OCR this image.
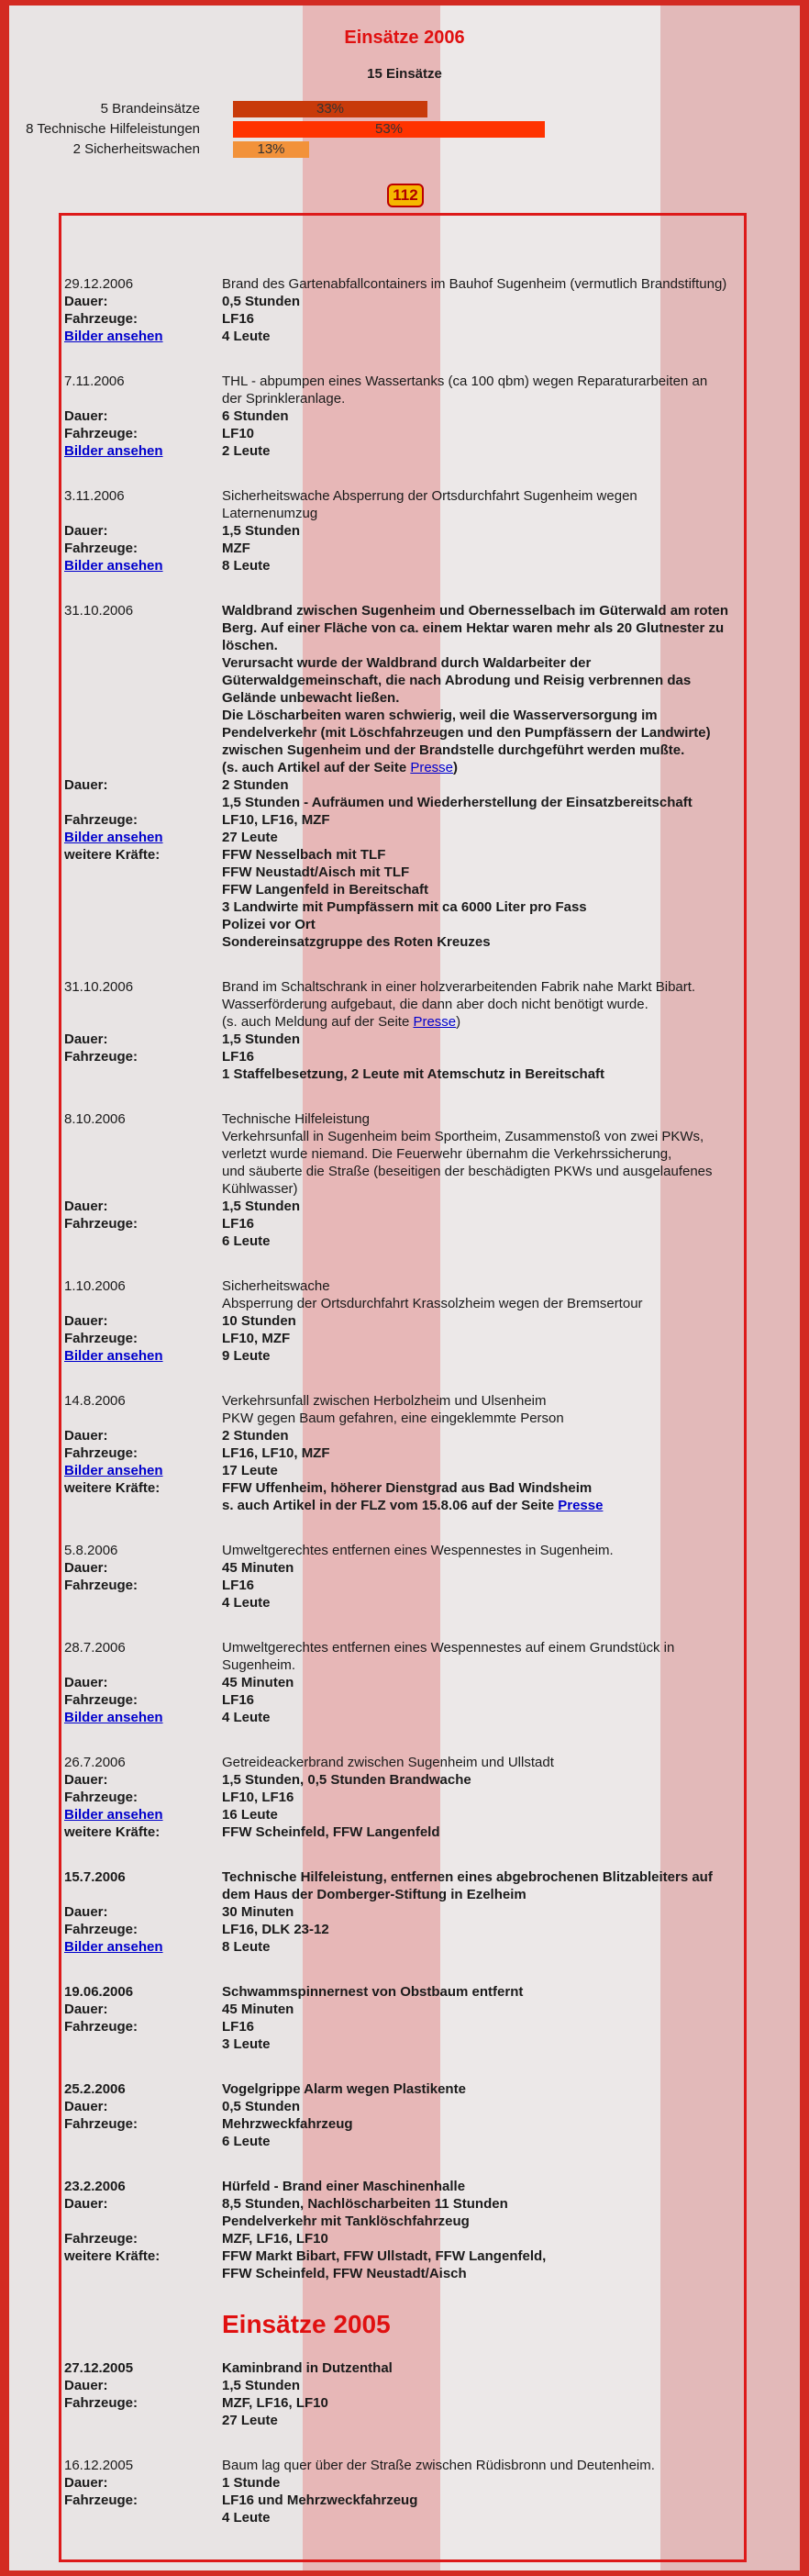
Einsätze 2006
15 Einsätze
5 Brandeinsätze	33%
8 Technische Hilfeleistungen	53%
2 Sicherheitswachen	13%
112
29.12.2006	Brand des Gartenabfallcontainers im Bauhof Sugenheim (vermutlich Brandstiftung)
Dauer:	0,5 Stunden
Fahrzeuge:	LF16
Bilder ansehen	4 Leute
7.11.2006	THL - abpumpen eines Wassertanks (ca 100 qbm) wegen Reparaturarbeiten an
der Sprinkleranlage.
Dauer:	6 Stunden
Fahrzeuge:	LF10
Bilder ansehen	2 Leute
3.11.2006	Sicherheitswache Absperrung der Ortsdurchfahrt Sugenheim wegen
Laternenumzug
Dauer:	1,5 Stunden
Fahrzeuge:	MZF
Bilder ansehen	8 Leute
31.10.2006	Waldbrand zwischen Sugenheim und Obernesselbach im Güterwald am roten
Berg. Auf einer Fläche von ca. einem Hektar waren mehr als 20 Glutnester zu
löschen.
Verursacht wurde der Waldbrand durch Waldarbeiter der
Güterwaldgemeinschaft, die nach Abrodung und Reisig verbrennen das
Gelände unbewacht ließen.
Die Löscharbeiten waren schwierig, weil die Wasserversorgung im
Pendelverkehr (mit Löschfahrzeugen und den Pumpfässern der Landwirte)
zwischen Sugenheim und der Brandstelle durchgeführt werden mußte.
(s. auch Artikel auf der Seite Presse)
Dauer:	2 Stunden
1,5 Stunden - Aufräumen und Wiederherstellung der Einsatzbereitschaft
Fahrzeuge:	LF10, LF16, MZF
Bilder ansehen	27 Leute
weitere Kräfte:	FFW Nesselbach mit TLF
FFW Neustadt/Aisch mit TLF
FFW Langenfeld in Bereitschaft
3 Landwirte mit Pumpfässern mit ca 6000 Liter pro Fass
Polizei vor Ort
Sondereinsatzgruppe des Roten Kreuzes
31.10.2006	Brand im Schaltschrank in einer holzverarbeitenden Fabrik nahe Markt Bibart.
Wasserförderung aufgebaut, die dann aber doch nicht benötigt wurde.
(s. auch Meldung auf der Seite Presse)
Dauer:	1,5 Stunden
Fahrzeuge:	LF16
1 Staffelbesetzung, 2 Leute mit Atemschutz in Bereitschaft
8.10.2006	Technische Hilfeleistung
Verkehrsunfall in Sugenheim beim Sportheim, Zusammenstoß von zwei PKWs,
verletzt wurde niemand. Die Feuerwehr übernahm die Verkehrssicherung,
und säuberte die Straße (beseitigen der beschädigten PKWs und ausgelaufenes
Kühlwasser)
Dauer:	1,5 Stunden
Fahrzeuge:	LF16
6 Leute
1.10.2006	Sicherheitswache
Absperrung der Ortsdurchfahrt Krassolzheim wegen der Bremsertour
Dauer:	10 Stunden
Fahrzeuge:	LF10, MZF
Bilder ansehen	9 Leute
14.8.2006	Verkehrsunfall zwischen Herbolzheim und Ulsenheim
PKW gegen Baum gefahren, eine eingeklemmte Person
Dauer:	2 Stunden
Fahrzeuge:	LF16, LF10, MZF
Bilder ansehen	17 Leute
weitere Kräfte:	FFW Uffenheim, höherer Dienstgrad aus Bad Windsheim
s. auch Artikel in der FLZ vom 15.8.06 auf der Seite Presse
5.8.2006	Umweltgerechtes entfernen eines Wespennestes in Sugenheim.
Dauer:	45 Minuten
Fahrzeuge:	LF16
4 Leute
28.7.2006	Umweltgerechtes entfernen eines Wespennestes auf einem Grundstück in
Sugenheim.
Dauer:	45 Minuten
Fahrzeuge:	LF16
Bilder ansehen	4 Leute
26.7.2006	Getreideackerbrand zwischen Sugenheim und Ullstadt
Dauer:	1,5 Stunden, 0,5 Stunden Brandwache
Fahrzeuge:	LF10, LF16
Bilder ansehen	16 Leute
weitere Kräfte:	FFW Scheinfeld, FFW Langenfeld
15.7.2006	Technische Hilfeleistung, entfernen eines abgebrochenen Blitzableiters auf
dem Haus der Domberger-Stiftung in Ezelheim
Dauer:	30 Minuten
Fahrzeuge:	LF16, DLK 23-12
Bilder ansehen	8 Leute
19.06.2006	Schwammspinnernest von Obstbaum entfernt
Dauer:	45 Minuten
Fahrzeuge:	LF16
3 Leute
25.2.2006	Vogelgrippe Alarm wegen Plastikente
Dauer:	0,5 Stunden
Fahrzeuge:	Mehrzweckfahrzeug
6 Leute
23.2.2006	Hürfeld - Brand einer Maschinenhalle
Dauer:	8,5 Stunden, Nachlöscharbeiten 11 Stunden
Pendelverkehr mit Tanklöschfahrzeug
Fahrzeuge:	MZF, LF16, LF10
weitere Kräfte:	FFW Markt Bibart, FFW Ullstadt, FFW Langenfeld,
FFW Scheinfeld, FFW Neustadt/Aisch
Einsätze 2005
27.12.2005	Kaminbrand in Dutzenthal
Dauer:	1,5 Stunden
Fahrzeuge:	MZF, LF16, LF10
27 Leute
16.12.2005	Baum lag quer über der Straße zwischen Rüdisbronn und Deutenheim.
Dauer:	1 Stunde
Fahrzeuge:	LF16 und Mehrzweckfahrzeug
4 Leute
